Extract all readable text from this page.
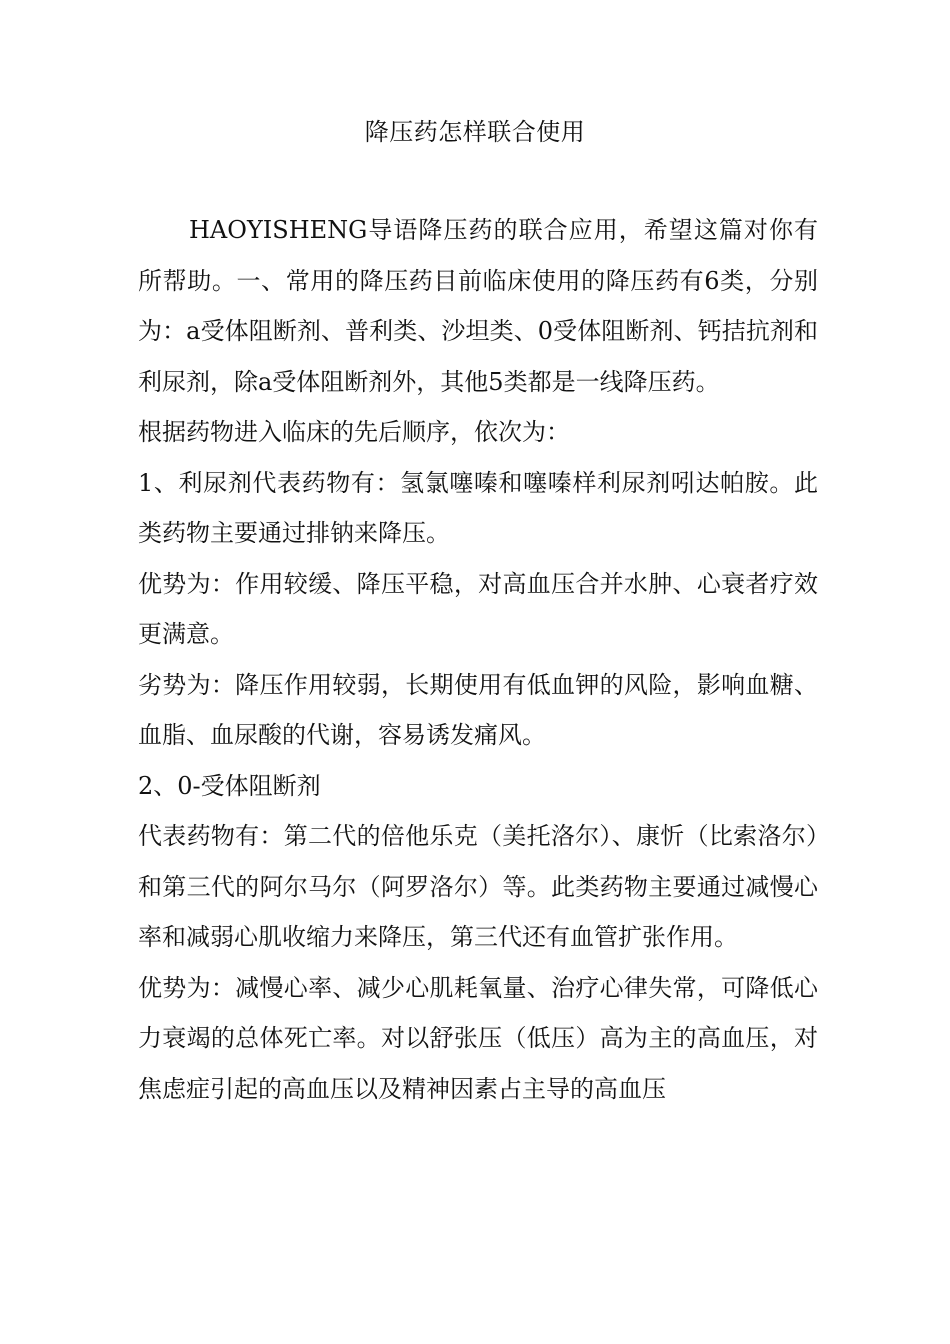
降压药怎样联合使用

HAOYISHENG导语降压药的联合应用，希望这篇对你有所帮助。一、常用的降压药目前临床使用的降压药有6类，分别为：a受体阻断剂、普利类、沙坦类、0受体阻断剂、钙拮抗剂和利尿剂，除a受体阻断剂外，其他5类都是一线降压药。

根据药物进入临床的先后顺序，依次为：

1、利尿剂代表药物有：氢氯噻嗪和噻嗪样利尿剂吲达帕胺。此类药物主要通过排钠来降压。

优势为：作用较缓、降压平稳，对高血压合并水肿、心衰者疗效更满意。

劣势为：降压作用较弱，长期使用有低血钾的风险，影响血糖、血脂、血尿酸的代谢，容易诱发痛风。

2、0-受体阻断剂

代表药物有：第二代的倍他乐克（美托洛尔）、康忻（比索洛尔）和第三代的阿尔马尔（阿罗洛尔）等。此类药物主要通过减慢心率和减弱心肌收缩力来降压，第三代还有血管扩张作用。

优势为：减慢心率、减少心肌耗氧量、治疗心律失常，可降低心力衰竭的总体死亡率。对以舒张压（低压）高为主的高血压，对焦虑症引起的高血压以及精神因素占主导的高血压
